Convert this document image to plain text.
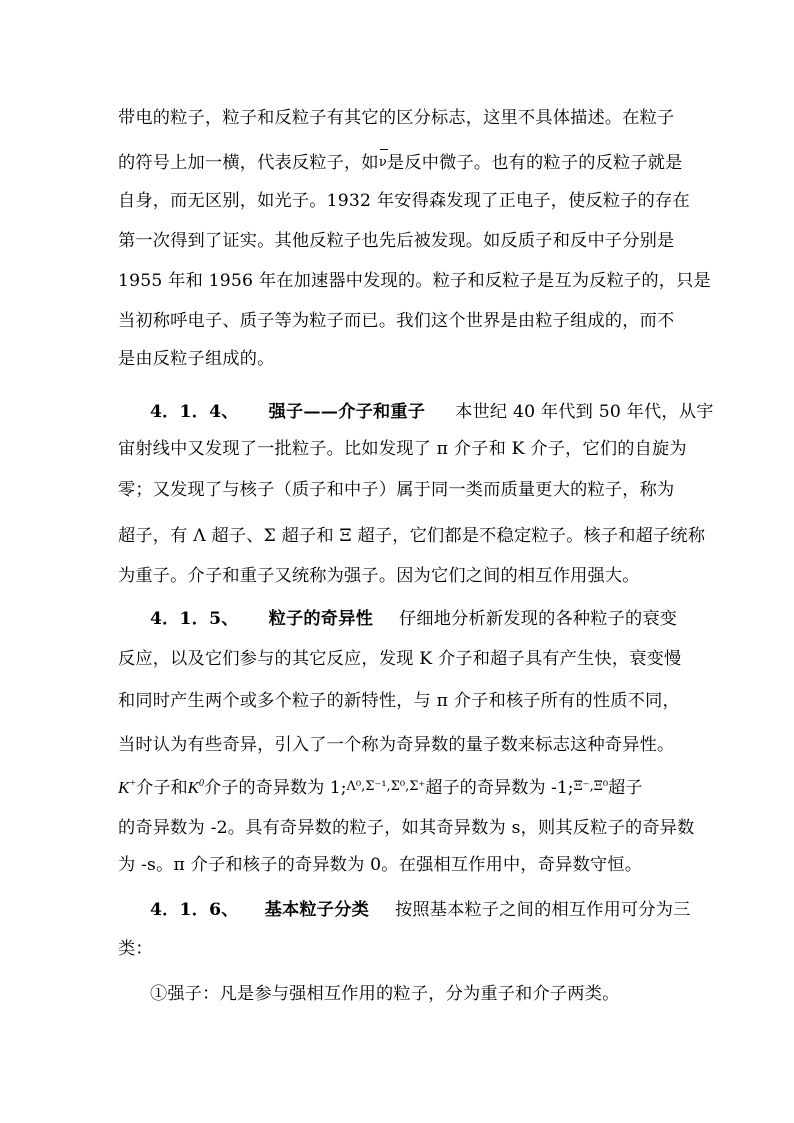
带电的粒子，粒子和反粒子有其它的区分标志，这里不具体描述。在粒子
的符号上加一横，代表反粒子，如
ν是反中微子。也有的粒子的反粒子就是
自身，而无区别，如光子。1932 年安得森发现了正电子，使反粒子的存在
第一次得到了证实。其他反粒子也先后被发现。如反质子和反中子分别是
1955 年和 1956 年在加速器中发现的。粒子和反粒子是互为反粒子的，只是
当初称呼电子、质子等为粒子而已。我们这个世界是由粒子组成的，而不
是由反粒子组成的。
4．1．4、 强子——介子和重子 本世纪 40 年代到 50 年代，从宇
宙射线中又发现了一批粒子。比如发现了 π 介子和 K 介子，它们的自旋为
零；又发现了与核子（质子和中子）属于同一类而质量更大的粒子，称为
超子，有 Λ 超子、Σ 超子和 Ξ 超子，它们都是不稳定粒子。核子和超子统称
为重子。介子和重子又统称为强子。因为它们之间的相互作用强大。
4．1．5、 粒子的奇异性 仔细地分析新发现的各种粒子的衰变
反应，以及它们参与的其它反应，发现 K 介子和超子具有产生快，衰变慢
和同时产生两个或多个粒子的新特性，与 π 介子和核子所有的性质不同，
当时认为有些奇异，引入了一个称为奇异数的量子数来标志这种奇异性。
K+介子和$K^0$介子的奇异数为 1;Λ⁰,Σ⁻¹,Σ⁰,Σ⁺超子的奇异数为 -1;Ξ⁻,Ξ⁰超子
的奇异数为 -2。具有奇异数的粒子，如其奇异数为 s，则其反粒子的奇异数
为 -s。π 介子和核子的奇异数为 0。在强相互作用中，奇异数守恒。
4．1．6、 基本粒子分类 按照基本粒子之间的相互作用可分为三
类：
①强子：凡是参与强相互作用的粒子，分为重子和介子两类。
